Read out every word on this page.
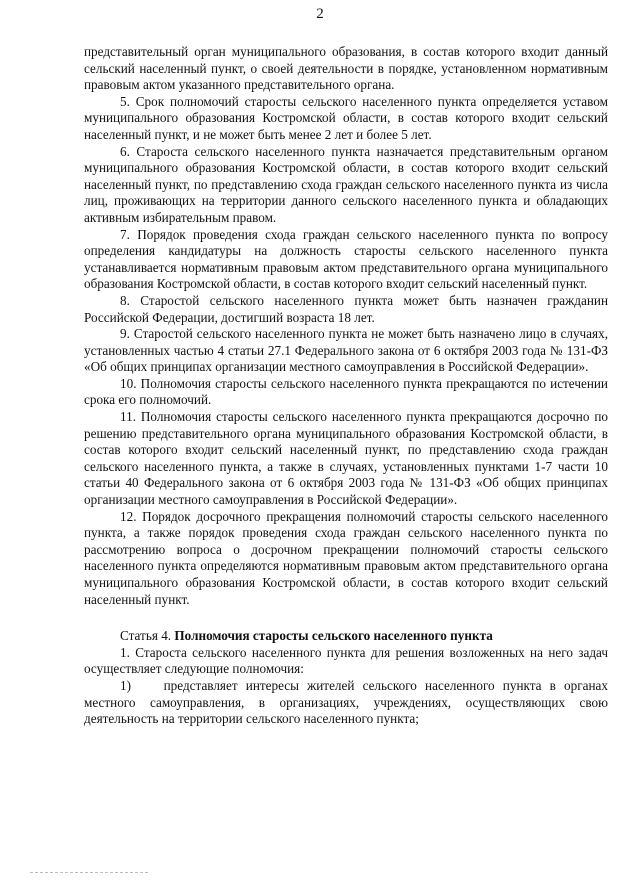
2

представительный орган муниципального образования, в состав которого входит данный сельский населенный пункт, о своей деятельности в порядке, установленном нормативным правовым актом указанного представительного органа.

5. Срок полномочий старосты сельского населенного пункта определяется уставом муниципального образования Костромской области, в состав которого входит сельский населенный пункт, и не может быть менее 2 лет и более 5 лет.

6. Староста сельского населенного пункта назначается представительным органом муниципального образования Костромской области, в состав которого входит сельский населенный пункт, по представлению схода граждан сельского населенного пункта из числа лиц, проживающих на территории данного сельского населенного пункта и обладающих активным избирательным правом.

7. Порядок проведения схода граждан сельского населенного пункта по вопросу определения кандидатуры на должность старосты сельского населенного пункта устанавливается нормативным правовым актом представительного органа муниципального образования Костромской области, в состав которого входит сельский населенный пункт.

8. Старостой сельского населенного пункта может быть назначен гражданин Российской Федерации, достигший возраста 18 лет.

9. Старостой сельского населенного пункта не может быть назначено лицо в случаях, установленных частью 4 статьи 27.1 Федерального закона от 6 октября 2003 года № 131-ФЗ «Об общих принципах организации местного самоуправления в Российской Федерации».

10. Полномочия старосты сельского населенного пункта прекращаются по истечении срока его полномочий.

11. Полномочия старосты сельского населенного пункта прекращаются досрочно по решению представительного органа муниципального образования Костромской области, в состав которого входит сельский населенный пункт, по представлению схода граждан сельского населенного пункта, а также в случаях, установленных пунктами 1-7 части 10 статьи 40 Федерального закона от 6 октября 2003 года № 131-ФЗ «Об общих принципах организации местного самоуправления в Российской Федерации».

12. Порядок досрочного прекращения полномочий старосты сельского населенного пункта, а также порядок проведения схода граждан сельского населенного пункта по рассмотрению вопроса о досрочном прекращении полномочий старосты сельского населенного пункта определяются нормативным правовым актом представительного органа муниципального образования Костромской области, в состав которого входит сельский населенный пункт.

Статья 4. Полномочия старосты сельского населенного пункта

1. Староста сельского населенного пункта для решения возложенных на него задач осуществляет следующие полномочия:

1) представляет интересы жителей сельского населенного пункта в органах местного самоуправления, в организациях, учреждениях, осуществляющих свою деятельность на территории сельского населенного пункта;
